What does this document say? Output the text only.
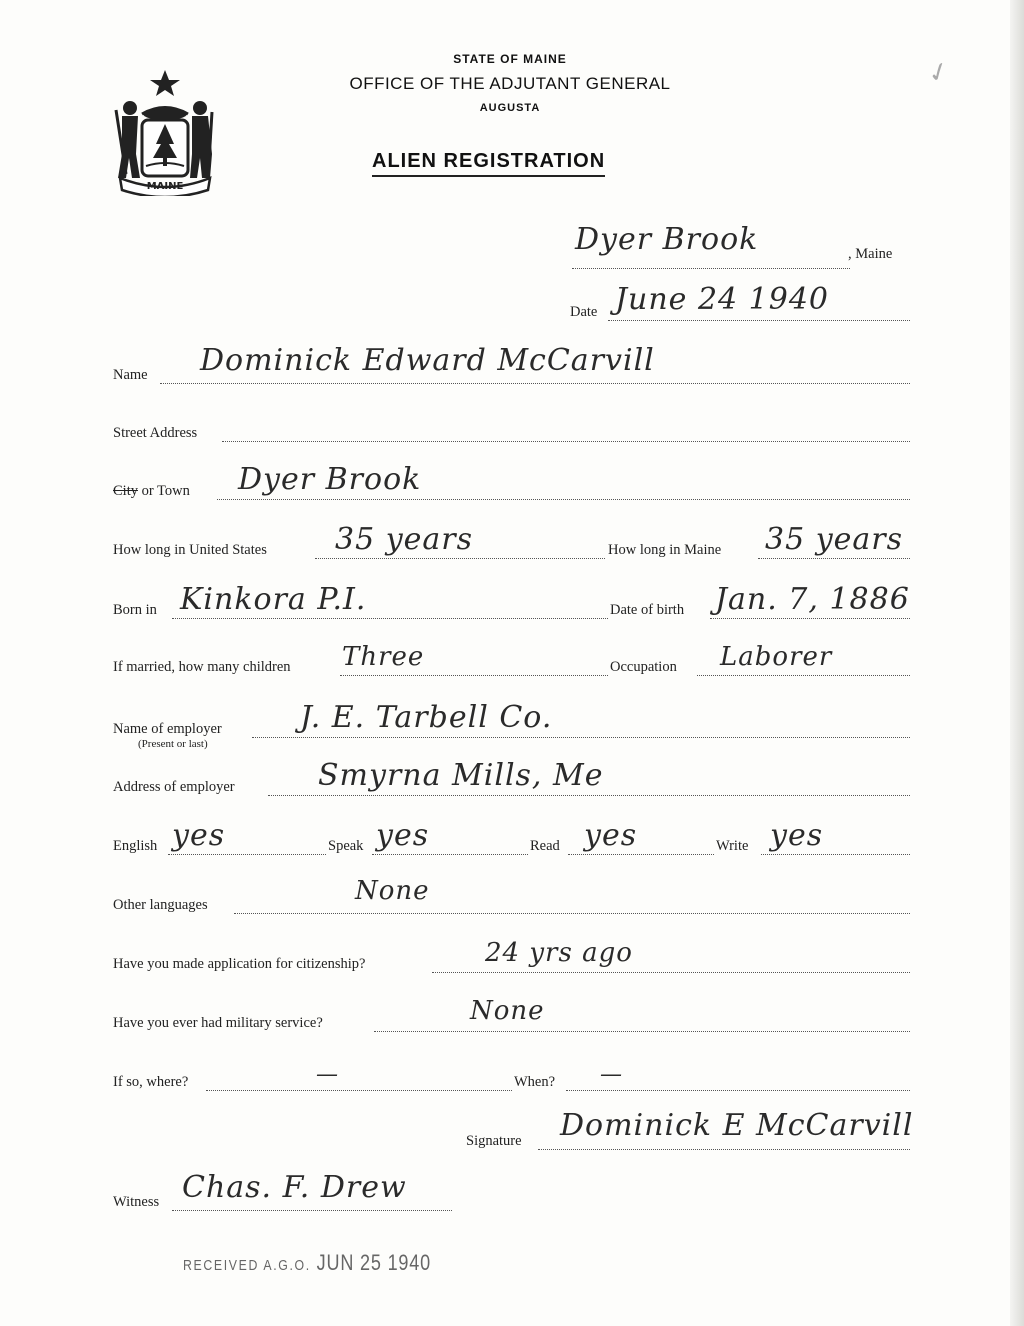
MAINE
STATE OF MAINE
OFFICE OF THE ADJUTANT GENERAL
AUGUSTA
ALIEN REGISTRATION
✓
Dyer Brook	, Maine
Date June 24 1940
Name Dominick Edward McCarvill
Street Address
City or Town Dyer Brook
How long in United States 35 years	How long in Maine 35 years
Born in Kinkora P.I.	Date of birth Jan. 7, 1886
If married, how many children Three	Occupation Laborer
Name of employer
(Present or last)
J. E. Tarbell Co.
Address of employer	Smyrna Mills, Me
English yes	Speak yes	Read yes	Write yes
Other languages	None
Have you made application for citizenship?	24 yrs ago
Have you ever had military service?	None
If so, where?	—	When? —
Signature Dominick E McCarvill
Witness Chas. F. Drew
RECEIVED A.G.O. JUN 25 1940
